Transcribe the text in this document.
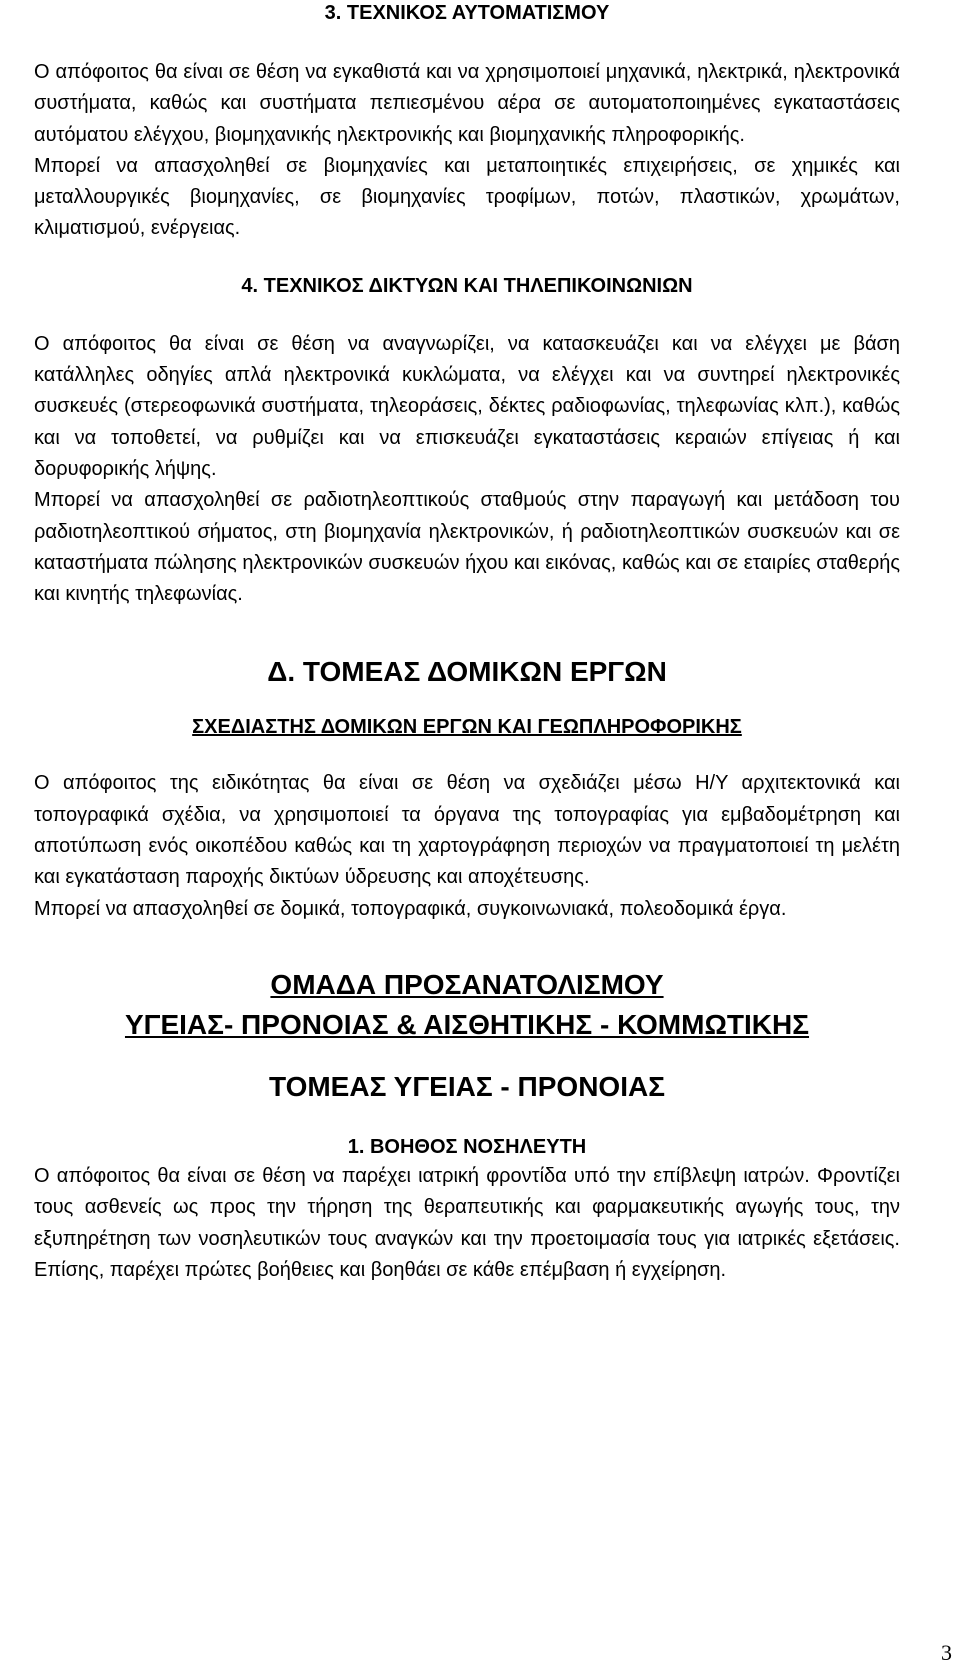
3. ΤΕΧΝΙΚΟΣ ΑΥΤΟΜΑΤΙΣΜΟΥ

Ο απόφοιτος θα είναι σε θέση να εγκαθιστά και να χρησιμοποιεί μηχανικά, ηλεκτρικά, ηλεκτρονικά συστήματα, καθώς και συστήματα πεπιεσμένου αέρα σε αυτοματοποιημένες εγκαταστάσεις αυτόματου ελέγχου, βιομηχανικής ηλεκτρονικής και βιομηχανικής πληροφορικής.

Μπορεί να απασχοληθεί σε βιομηχανίες και μεταποιητικές επιχειρήσεις, σε χημικές και μεταλλουργικές βιομηχανίες, σε βιομηχανίες τροφίμων, ποτών, πλαστικών, χρωμάτων, κλιματισμού, ενέργειας.

4. ΤΕΧΝΙΚΟΣ ΔΙΚΤΥΩΝ ΚΑΙ ΤΗΛΕΠΙΚΟΙΝΩΝΙΩΝ

Ο απόφοιτος θα είναι σε θέση να αναγνωρίζει, να κατασκευάζει και να ελέγχει με βάση κατάλληλες οδηγίες απλά ηλεκτρονικά κυκλώματα, να ελέγχει και να συντηρεί ηλεκτρονικές συσκευές (στερεοφωνικά συστήματα, τηλεοράσεις, δέκτες ραδιοφωνίας, τηλεφωνίας κλπ.), καθώς και να τοποθετεί, να ρυθμίζει και να επισκευάζει εγκαταστάσεις κεραιών επίγειας ή και δορυφορικής λήψης.

Μπορεί να απασχοληθεί σε ραδιοτηλεοπτικούς σταθμούς στην παραγωγή και μετάδοση του ραδιοτηλεοπτικού σήματος, στη βιομηχανία ηλεκτρονικών, ή ραδιοτηλεοπτικών συσκευών και σε καταστήματα πώλησης ηλεκτρονικών συσκευών ήχου και εικόνας, καθώς και σε εταιρίες σταθερής και κινητής τηλεφωνίας.

Δ. ΤΟΜΕΑΣ ΔΟΜΙΚΩΝ ΕΡΓΩΝ
ΣΧΕΔΙΑΣΤΗΣ ΔΟΜΙΚΩΝ ΕΡΓΩΝ ΚΑΙ ΓΕΩΠΛΗΡΟΦΟΡΙΚΗΣ

Ο απόφοιτος της ειδικότητας θα είναι σε θέση να σχεδιάζει μέσω Η/Υ αρχιτεκτονικά και τοπογραφικά σχέδια, να χρησιμοποιεί τα όργανα της τοπογραφίας για εμβαδομέτρηση και αποτύπωση ενός οικοπέδου καθώς και τη χαρτογράφηση περιοχών να πραγματοποιεί τη μελέτη και εγκατάσταση παροχής δικτύων ύδρευσης και αποχέτευσης.

Μπορεί να απασχοληθεί σε δομικά, τοπογραφικά, συγκοινωνιακά, πολεοδομικά έργα.

ΟΜΑΔΑ ΠΡΟΣΑΝΑΤΟΛΙΣΜΟΥ
ΥΓΕΙΑΣ- ΠΡΟΝΟΙΑΣ & ΑΙΣΘΗΤΙΚΗΣ - ΚΟΜΜΩΤΙΚΗΣ
ΤΟΜΕΑΣ ΥΓΕΙΑΣ - ΠΡΟΝΟΙΑΣ
1. ΒΟΗΘΟΣ ΝΟΣΗΛΕΥΤΗ

Ο απόφοιτος θα είναι σε θέση να παρέχει ιατρική φροντίδα υπό την επίβλεψη ιατρών. Φροντίζει τους ασθενείς ως προς την τήρηση της θεραπευτικής και φαρμακευτικής αγωγής τους, την εξυπηρέτηση των νοσηλευτικών τους αναγκών και την προετοιμασία τους για ιατρικές εξετάσεις. Επίσης, παρέχει πρώτες βοήθειες και βοηθάει σε κάθε επέμβαση ή εγχείρηση.

3
